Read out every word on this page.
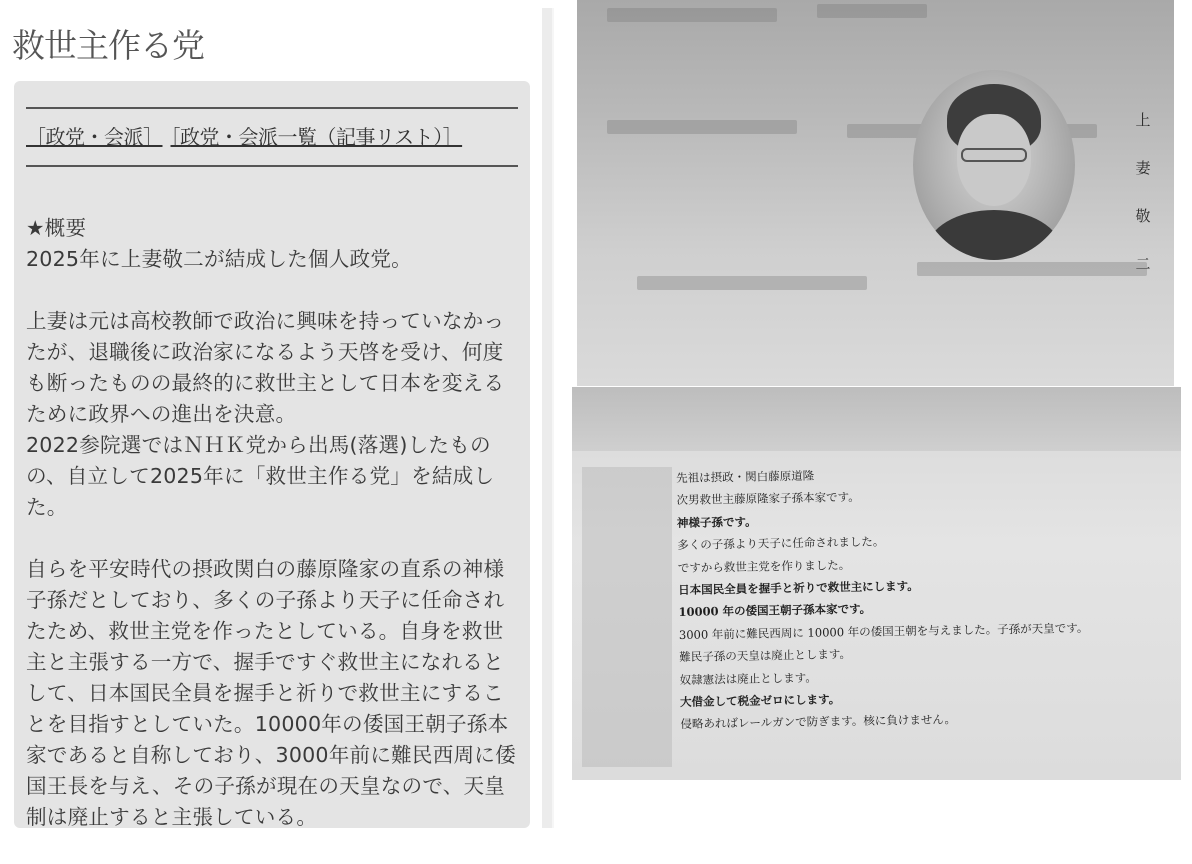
救世主作る党
［政党・会派］ ［政党・会派一覧（記事リスト）］

★概要
2025年に上妻敬二が結成した個人政党。

上妻は元は高校教師で政治に興味を持っていなかったが、退職後に政治家になるよう天啓を受け、何度も断ったものの最終的に救世主として日本を変えるために政界への進出を決意。

2022参院選ではＮＨＫ党から出馬(落選)したものの、自立して2025年に「救世主作る党」を結成した。

自らを平安時代の摂政関白の藤原隆家の直系の神様子孫だとしており、多くの子孫より天子に任命されたため、救世主党を作ったとしている。自身を救世主と主張する一方で、握手ですぐ救世主になれるとして、日本国民全員を握手と祈りで救世主にすることを目指すとしていた。10000年の倭国王朝子孫本家であると自称しており、3000年前に難民西周に倭国王長を与え、その子孫が現在の天皇なので、天皇制は廃止すると主張している。

上
妻
敬
二
先祖は摂政・関白藤原道隆
次男救世主藤原隆家子孫本家です。
神様子孫です。
多くの子孫より天子に任命されました。
ですから救世主党を作りました。
日本国民全員を握手と祈りで救世主にします。
10000 年の倭国王朝子孫本家です。
3000 年前に難民西周に 10000 年の倭国王朝を与えました。子孫が天皇です。
難民子孫の天皇は廃止とします。
奴隷憲法は廃止とします。
大借金して税金ゼロにします。
侵略あればレールガンで防ぎます。核に負けません。
